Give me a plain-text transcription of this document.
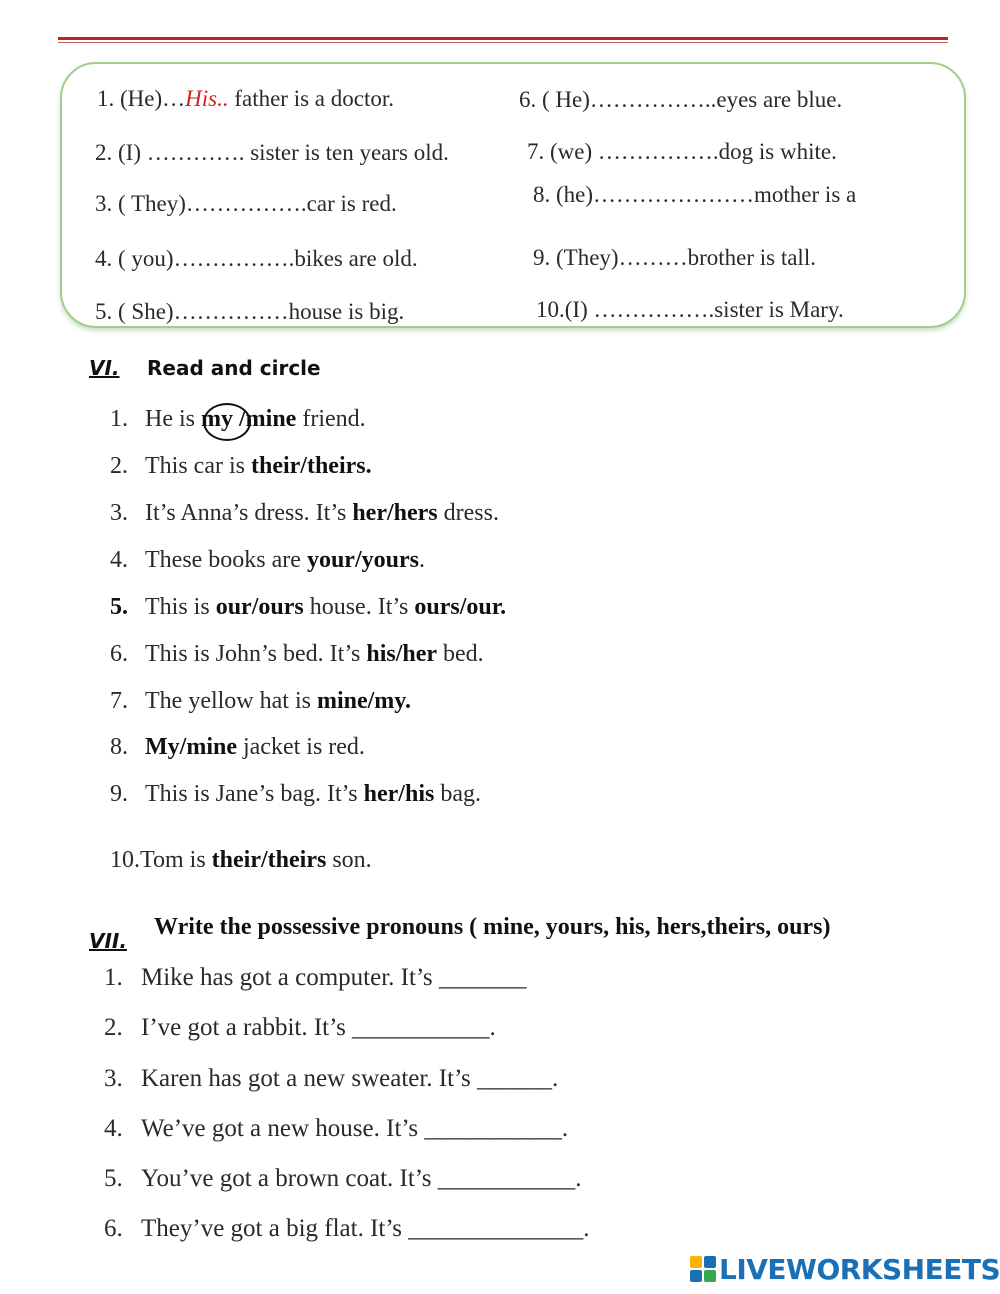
1. (He)…His.. father is a doctor.
2. (I) …………. sister is ten years old.
3. ( They)…………….car is red.
4. ( you)…………….bikes are old.
5. ( She)……………house is big.
6. ( He)……………..eyes are blue.
7. (we) …………….dog is white.
8. (he)…………………mother is a
9. (They)………brother is tall.
10.(I) …………….sister is Mary.
VI. Read and circle
1. He is my /mine friend.
2. This car is their/theirs.
3. It’s Anna’s dress. It’s her/hers dress.
4. These books are your/yours.
5. This is our/ours house. It’s ours/our.
6. This is John’s bed. It’s his/her bed.
7. The yellow hat is mine/my.
8. My/mine jacket is red.
9. This is Jane’s bag. It’s her/his bag.
10.Tom is their/theirs son.
VII.
Write the possessive pronouns ( mine, yours, his, hers,theirs, ours)
1. Mike has got a computer. It’s _______
2. I’ve got a rabbit. It’s ___________.
3. Karen has got a new sweater. It’s ______.
4. We’ve got a new house. It’s ___________.
5. You’ve got a brown coat. It’s ___________.
6. They’ve got a big flat. It’s ______________.
LIVEWORKSHEETS
